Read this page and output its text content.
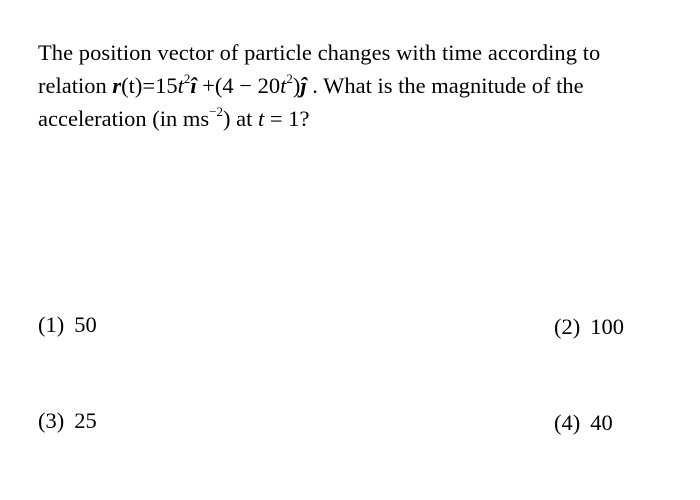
The position vector of particle changes with time according to
relation $r(t)=15t^2î +(4$ − $20t^2)ĵ$ . What is the magnitude of the
acceleration (in $ms^{-2}$) at t = 1?
(1) 50	(2) 100
(3) 25	(4) 40
